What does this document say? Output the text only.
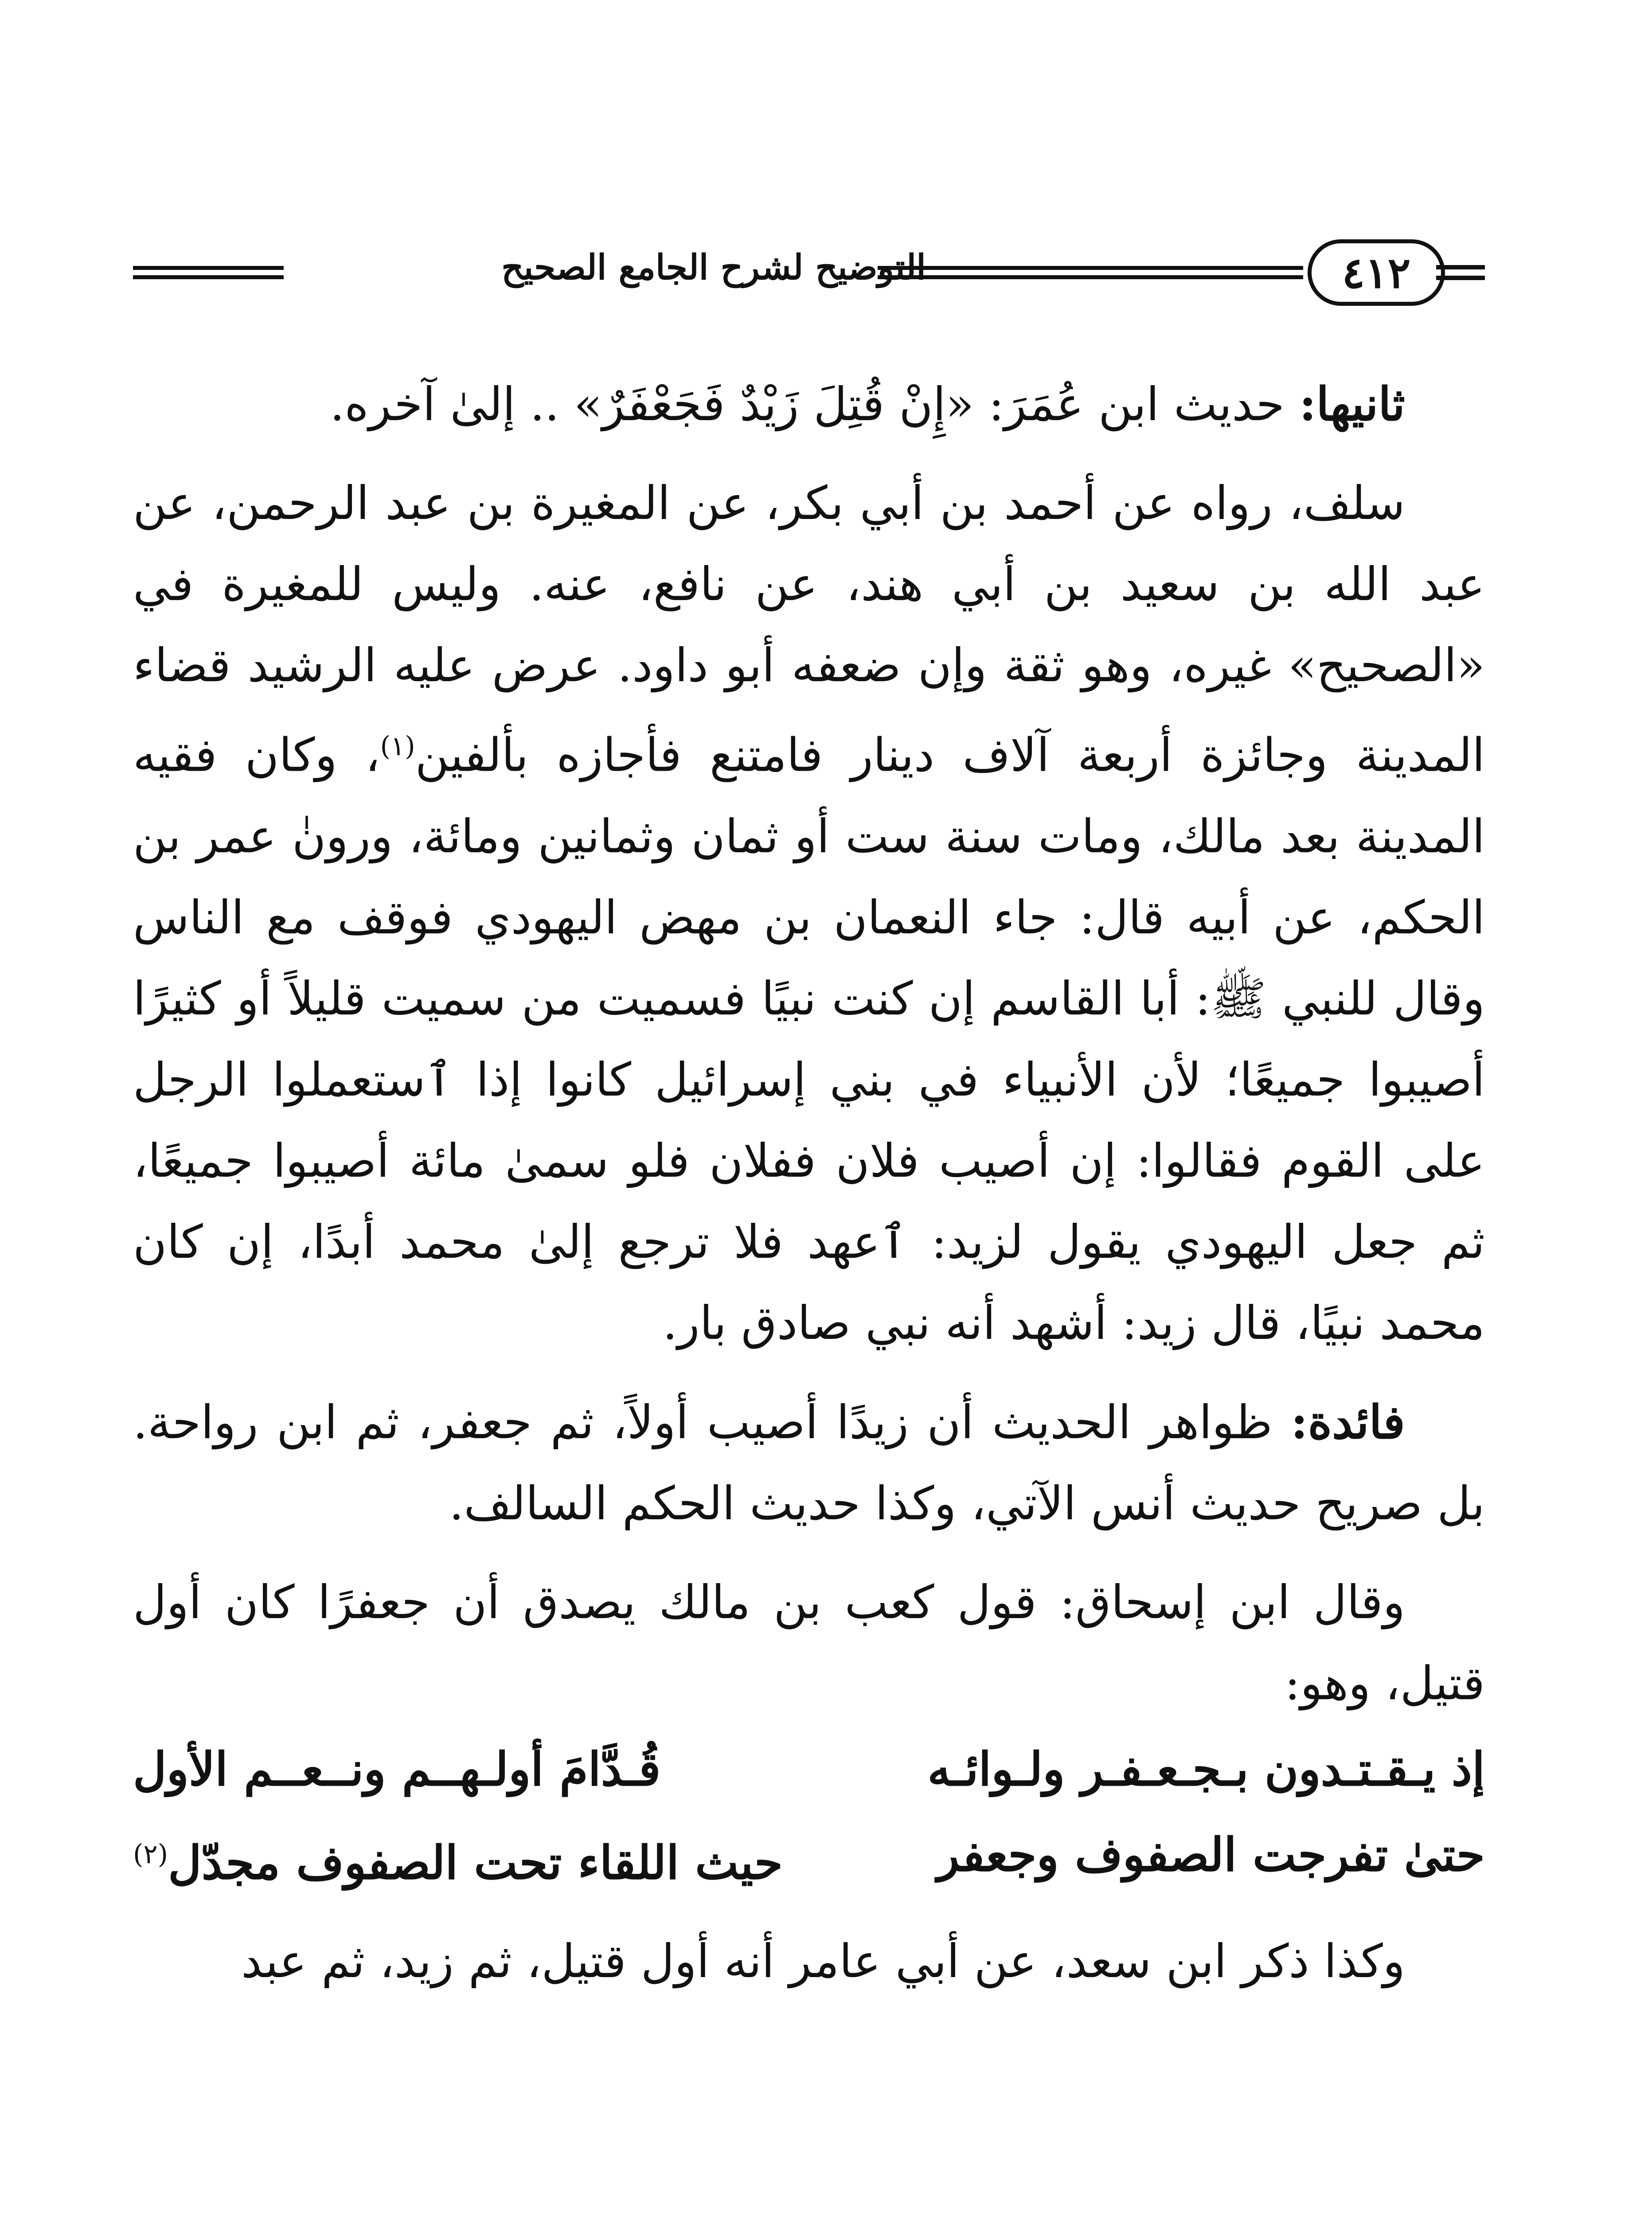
٤١٢
التوضيح لشرح الجامع الصحيح

ثانيها: حديث ابن عُمَرَ: «إِنْ قُتِلَ زَيْدٌ فَجَعْفَرٌ» .. إلىٰ آخره.

سلف، رواه عن أحمد بن أبي بكر، عن المغيرة بن عبد الرحمن، عن عبد الله بن سعيد بن أبي هند، عن نافع، عنه. وليس للمغيرة في «الصحيح» غيره، وهو ثقة وإن ضعفه أبو داود. عرض عليه الرشيد قضاء المدينة وجائزة أربعة آلاف دينار فامتنع فأجازه بألفين$^{(١)}$، وكان فقيه المدينة بعد مالك، ومات سنة ست أو ثمان وثمانين ومائة، ورونٰ عمر بن الحكم، عن أبيه قال: جاء النعمان بن مهض اليهودي فوقف مع الناس وقال للنبي ﷺ: أبا القاسم إن كنت نبيًا فسميت من سميت قليلاً أو كثيرًا أصيبوا جميعًا؛ لأن الأنبياء في بني إسرائيل كانوا إذا ٱستعملوا الرجل على القوم فقالوا: إن أصيب فلان ففلان فلو سمىٰ مائة أصيبوا جميعًا، ثم جعل اليهودي يقول لزيد: ٱعهد فلا ترجع إلىٰ محمد أبدًا، إن كان محمد نبيًا، قال زيد: أشهد أنه نبي صادق بار.

فائدة: ظواهر الحديث أن زيدًا أصيب أولاً، ثم جعفر، ثم ابن رواحة. بل صريح حديث أنس الآتي، وكذا حديث الحكم السالف.

وقال ابن إسحاق: قول كعب بن مالك يصدق أن جعفرًا كان أول قتيل، وهو:

إذ يـقـتـدون بـجـعـفـر ولـوائـه
قُـدَّامَ أولـهــم ونــعــم الأول
حتىٰ تفرجت الصفوف وجعفر
حيث اللقاء تحت الصفوف مجدّل$^{(٢)}$

وكذا ذكر ابن سعد، عن أبي عامر أنه أول قتيل، ثم زيد، ثم عبد
